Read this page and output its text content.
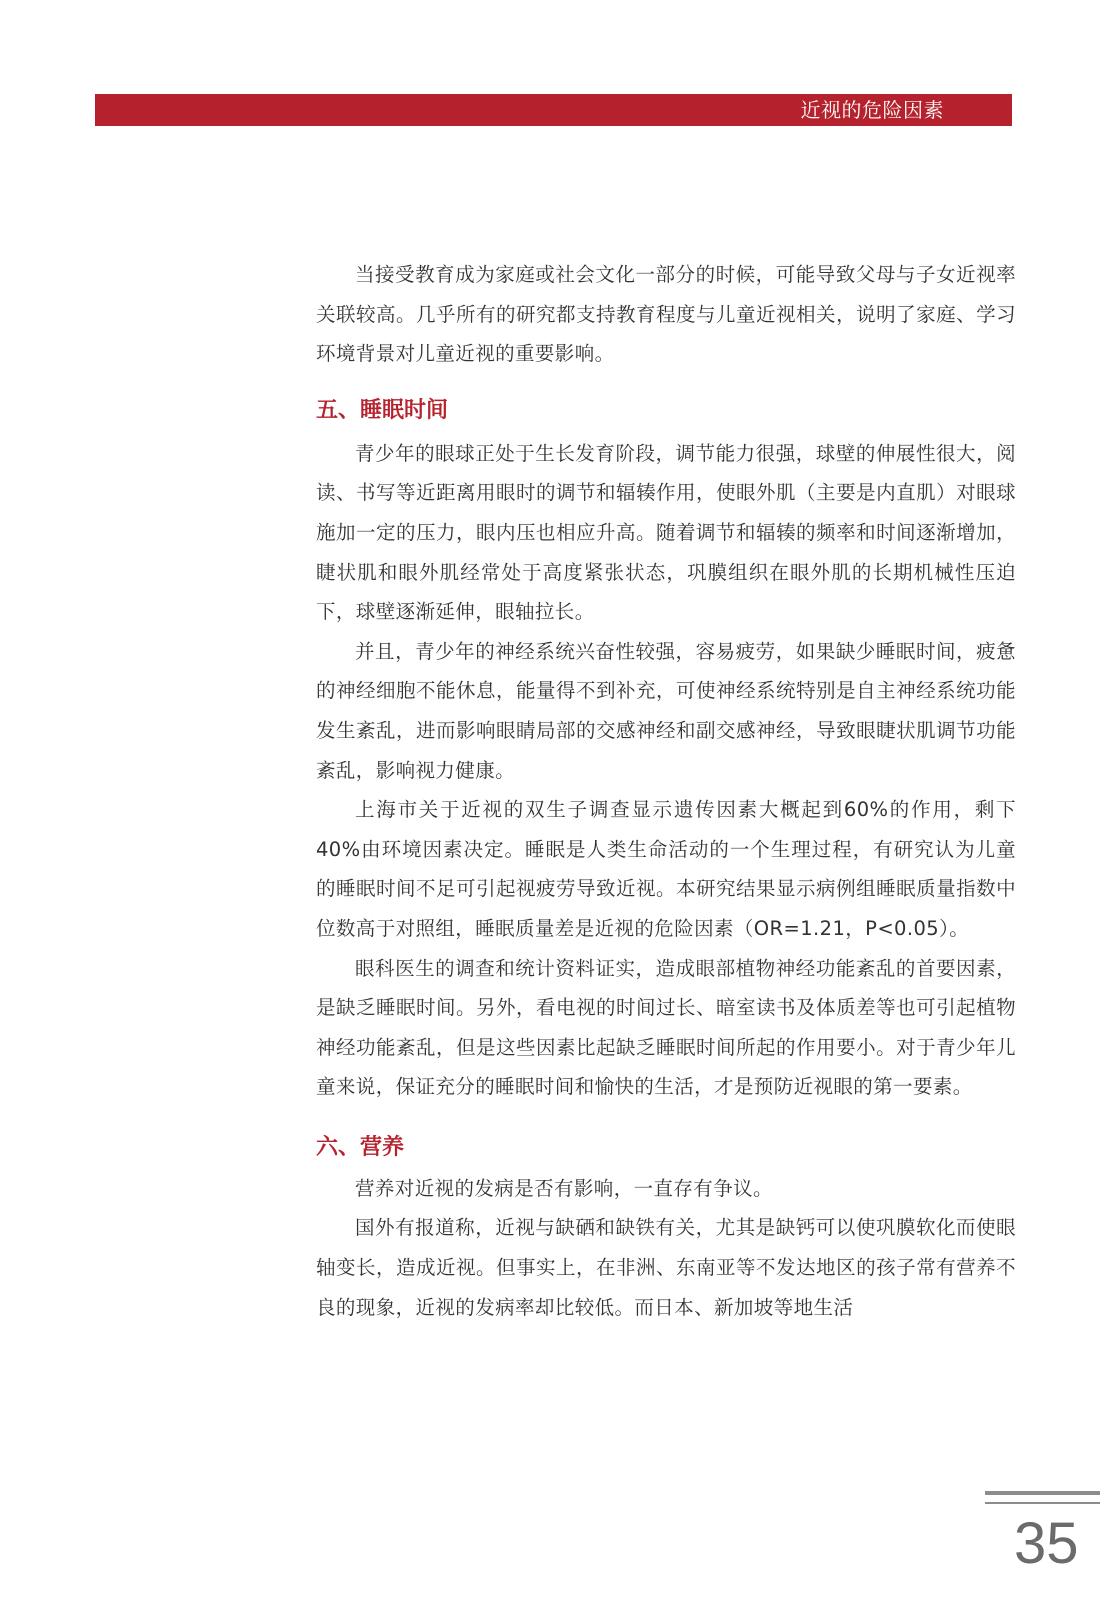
近视的危险因素

当接受教育成为家庭或社会文化一部分的时候，可能导致父母与子女近视率关联较高。几乎所有的研究都支持教育程度与儿童近视相关，说明了家庭、学习环境背景对儿童近视的重要影响。

五、睡眠时间

青少年的眼球正处于生长发育阶段，调节能力很强，球壁的伸展性很大，阅读、书写等近距离用眼时的调节和辐辏作用，使眼外肌（主要是内直肌）对眼球施加一定的压力，眼内压也相应升高。随着调节和辐辏的频率和时间逐渐增加，睫状肌和眼外肌经常处于高度紧张状态，巩膜组织在眼外肌的长期机械性压迫下，球壁逐渐延伸，眼轴拉长。

并且，青少年的神经系统兴奋性较强，容易疲劳，如果缺少睡眠时间，疲惫的神经细胞不能休息，能量得不到补充，可使神经系统特别是自主神经系统功能发生紊乱，进而影响眼睛局部的交感神经和副交感神经，导致眼睫状肌调节功能紊乱，影响视力健康。

上海市关于近视的双生子调查显示遗传因素大概起到60%的作用，剩下40%由环境因素决定。睡眠是人类生命活动的一个生理过程，有研究认为儿童的睡眠时间不足可引起视疲劳导致近视。本研究结果显示病例组睡眠质量指数中位数高于对照组，睡眠质量差是近视的危险因素（OR=1.21，P<0.05）。

眼科医生的调查和统计资料证实，造成眼部植物神经功能紊乱的首要因素，是缺乏睡眠时间。另外，看电视的时间过长、暗室读书及体质差等也可引起植物神经功能紊乱，但是这些因素比起缺乏睡眠时间所起的作用要小。对于青少年儿童来说，保证充分的睡眠时间和愉快的生活，才是预防近视眼的第一要素。

六、营养

营养对近视的发病是否有影响，一直存有争议。

国外有报道称，近视与缺硒和缺铁有关，尤其是缺钙可以使巩膜软化而使眼轴变长，造成近视。但事实上，在非洲、东南亚等不发达地区的孩子常有营养不良的现象，近视的发病率却比较低。而日本、新加坡等地生活

35
